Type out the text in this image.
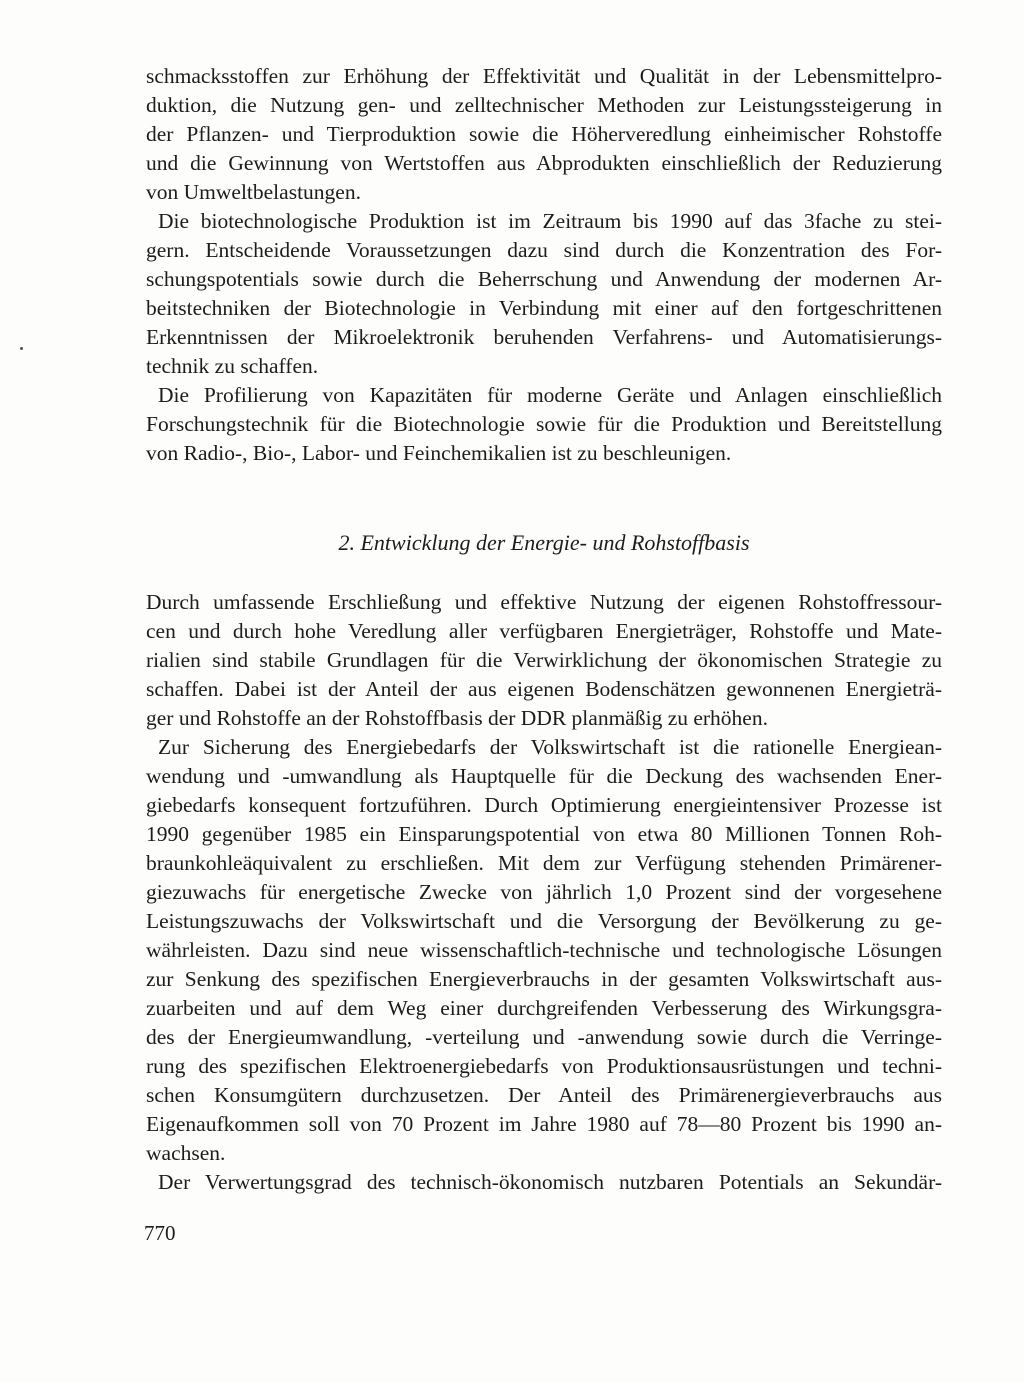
schmacksstoffen zur Erhöhung der Effektivität und Qualität in der Lebensmittelpro-
duktion, die Nutzung gen- und zelltechnischer Methoden zur Leistungssteigerung in
der Pflanzen- und Tierproduktion sowie die Höherveredlung einheimischer Rohstoffe
und die Gewinnung von Wertstoffen aus Abprodukten einschließlich der Reduzierung
von Umweltbelastungen.
Die biotechnologische Produktion ist im Zeitraum bis 1990 auf das 3fache zu stei-
gern. Entscheidende Voraussetzungen dazu sind durch die Konzentration des For-
schungspotentials sowie durch die Beherrschung und Anwendung der modernen Ar-
beitstechniken der Biotechnologie in Verbindung mit einer auf den fortgeschrittenen
Erkenntnissen der Mikroelektronik beruhenden Verfahrens- und Automatisierungs-
technik zu schaffen.
Die Profilierung von Kapazitäten für moderne Geräte und Anlagen einschließlich
Forschungstechnik für die Biotechnologie sowie für die Produktion und Bereitstellung
von Radio-, Bio-, Labor- und Feinchemikalien ist zu beschleunigen.
2. Entwicklung der Energie- und Rohstoffbasis
Durch umfassende Erschließung und effektive Nutzung der eigenen Rohstoffressour-
cen und durch hohe Veredlung aller verfügbaren Energieträger, Rohstoffe und Mate-
rialien sind stabile Grundlagen für die Verwirklichung der ökonomischen Strategie zu
schaffen. Dabei ist der Anteil der aus eigenen Bodenschätzen gewonnenen Energieträ-
ger und Rohstoffe an der Rohstoffbasis der DDR planmäßig zu erhöhen.
Zur Sicherung des Energiebedarfs der Volkswirtschaft ist die rationelle Energiean-
wendung und -umwandlung als Hauptquelle für die Deckung des wachsenden Ener-
giebedarfs konsequent fortzuführen. Durch Optimierung energieintensiver Prozesse ist
1990 gegenüber 1985 ein Einsparungspotential von etwa 80 Millionen Tonnen Roh-
braunkohleäquivalent zu erschließen. Mit dem zur Verfügung stehenden Primärener-
giezuwachs für energetische Zwecke von jährlich 1,0 Prozent sind der vorgesehene
Leistungszuwachs der Volkswirtschaft und die Versorgung der Bevölkerung zu ge-
währleisten. Dazu sind neue wissenschaftlich-technische und technologische Lösungen
zur Senkung des spezifischen Energieverbrauchs in der gesamten Volkswirtschaft aus-
zuarbeiten und auf dem Weg einer durchgreifenden Verbesserung des Wirkungsgra-
des der Energieumwandlung, -verteilung und -anwendung sowie durch die Verringe-
rung des spezifischen Elektroenergiebedarfs von Produktionsausrüstungen und techni-
schen Konsumgütern durchzusetzen. Der Anteil des Primärenergieverbrauchs aus
Eigenaufkommen soll von 70 Prozent im Jahre 1980 auf 78—80 Prozent bis 1990 an-
wachsen.
Der Verwertungsgrad des technisch-ökonomisch nutzbaren Potentials an Sekundär-
770
